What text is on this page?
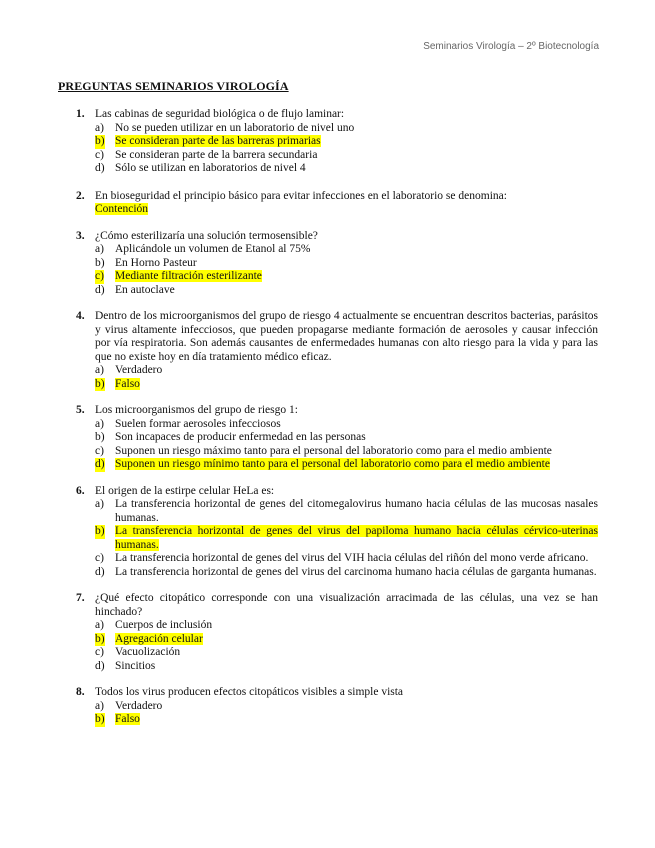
Seminarios Virología – 2º Biotecnología
PREGUNTAS SEMINARIOS VIROLOGÍA
1. Las cabinas de seguridad biológica o de flujo laminar:
a) No se pueden utilizar en un laboratorio de nivel uno
b) Se consideran parte de las barreras primarias
c) Se consideran parte de la barrera secundaria
d) Sólo se utilizan en laboratorios de nivel 4
2. En bioseguridad el principio básico para evitar infecciones en el laboratorio se denomina:
Contención
3. ¿Cómo esterilizaría una solución termosensible?
a) Aplicándole un volumen de Etanol al 75%
b) En Horno Pasteur
c) Mediante filtración esterilizante
d) En autoclave
4. Dentro de los microorganismos del grupo de riesgo 4 actualmente se encuentran descritos bacterias, parásitos y virus altamente infecciosos, que pueden propagarse mediante formación de aerosoles y causar infección por vía respiratoria. Son además causantes de enfermedades humanas con alto riesgo para la vida y para las que no existe hoy en día tratamiento médico eficaz.
a) Verdadero
b) Falso
5. Los microorganismos del grupo de riesgo 1:
a) Suelen formar aerosoles infecciosos
b) Son incapaces de producir enfermedad en las personas
c) Suponen un riesgo máximo tanto para el personal del laboratorio como para el medio ambiente
d) Suponen un riesgo mínimo tanto para el personal del laboratorio como para el medio ambiente
6. El origen de la estirpe celular HeLa es:
a) La transferencia horizontal de genes del citomegalovirus humano hacia células de las mucosas nasales humanas.
b) La transferencia horizontal de genes del virus del papiloma humano hacia células cérvico-uterinas humanas.
c) La transferencia horizontal de genes del virus del VIH hacia células del riñón del mono verde africano.
d) La transferencia horizontal de genes del virus del carcinoma humano hacia células de garganta humanas.
7. ¿Qué efecto citopático corresponde con una visualización arracimada de las células, una vez se han hinchado?
a) Cuerpos de inclusión
b) Agregación celular
c) Vacuolización
d) Sincitios
8. Todos los virus producen efectos citopáticos visibles a simple vista
a) Verdadero
b) Falso
